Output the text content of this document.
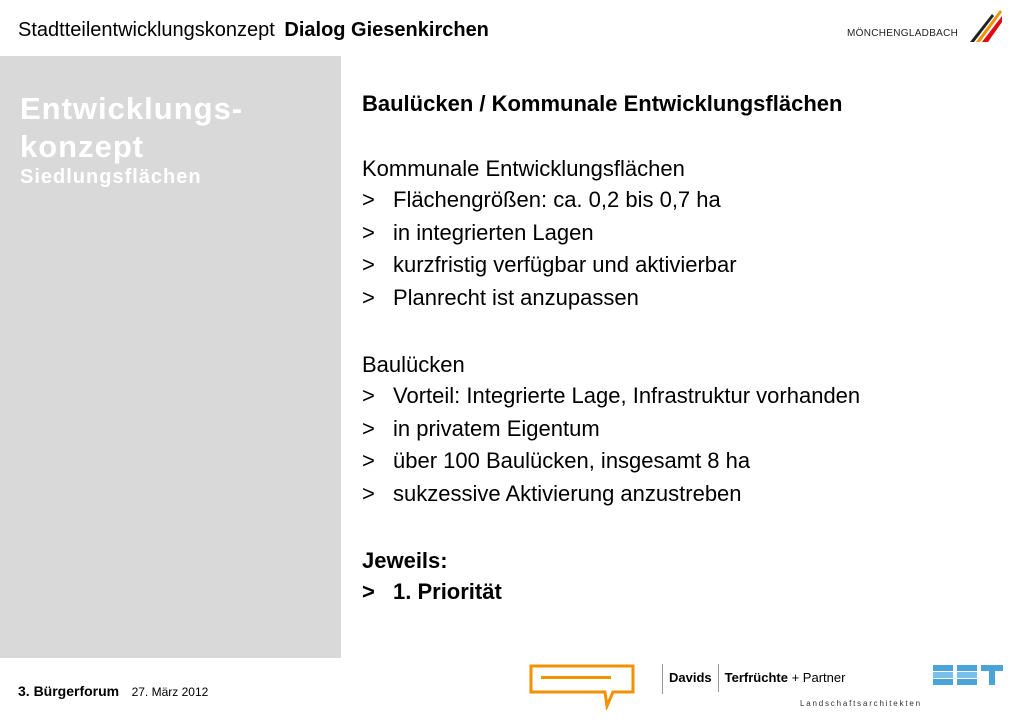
Stadtteilentwicklungskonzept Dialog Giesenkirchen	MÖNCHENGLADBACH
Entwicklungs-
konzept
Siedlungsflächen
Baulücken / Kommunale Entwicklungsflächen
Kommunale Entwicklungsflächen
> Flächengrößen: ca. 0,2 bis 0,7 ha
> in integrierten Lagen
> kurzfristig verfügbar und aktivierbar
> Planrecht ist anzupassen
Baulücken
> Vorteil: Integrierte Lage, Infrastruktur vorhanden
> in privatem Eigentum
> über 100 Baulücken, insgesamt 8 ha
> sukzessive Aktivierung anzustreben
Jeweils:
> 1. Priorität
3. Bürgerforum 27. März 2012
Davids Terfrüchte + Partner
Landschaftsarchitekten
